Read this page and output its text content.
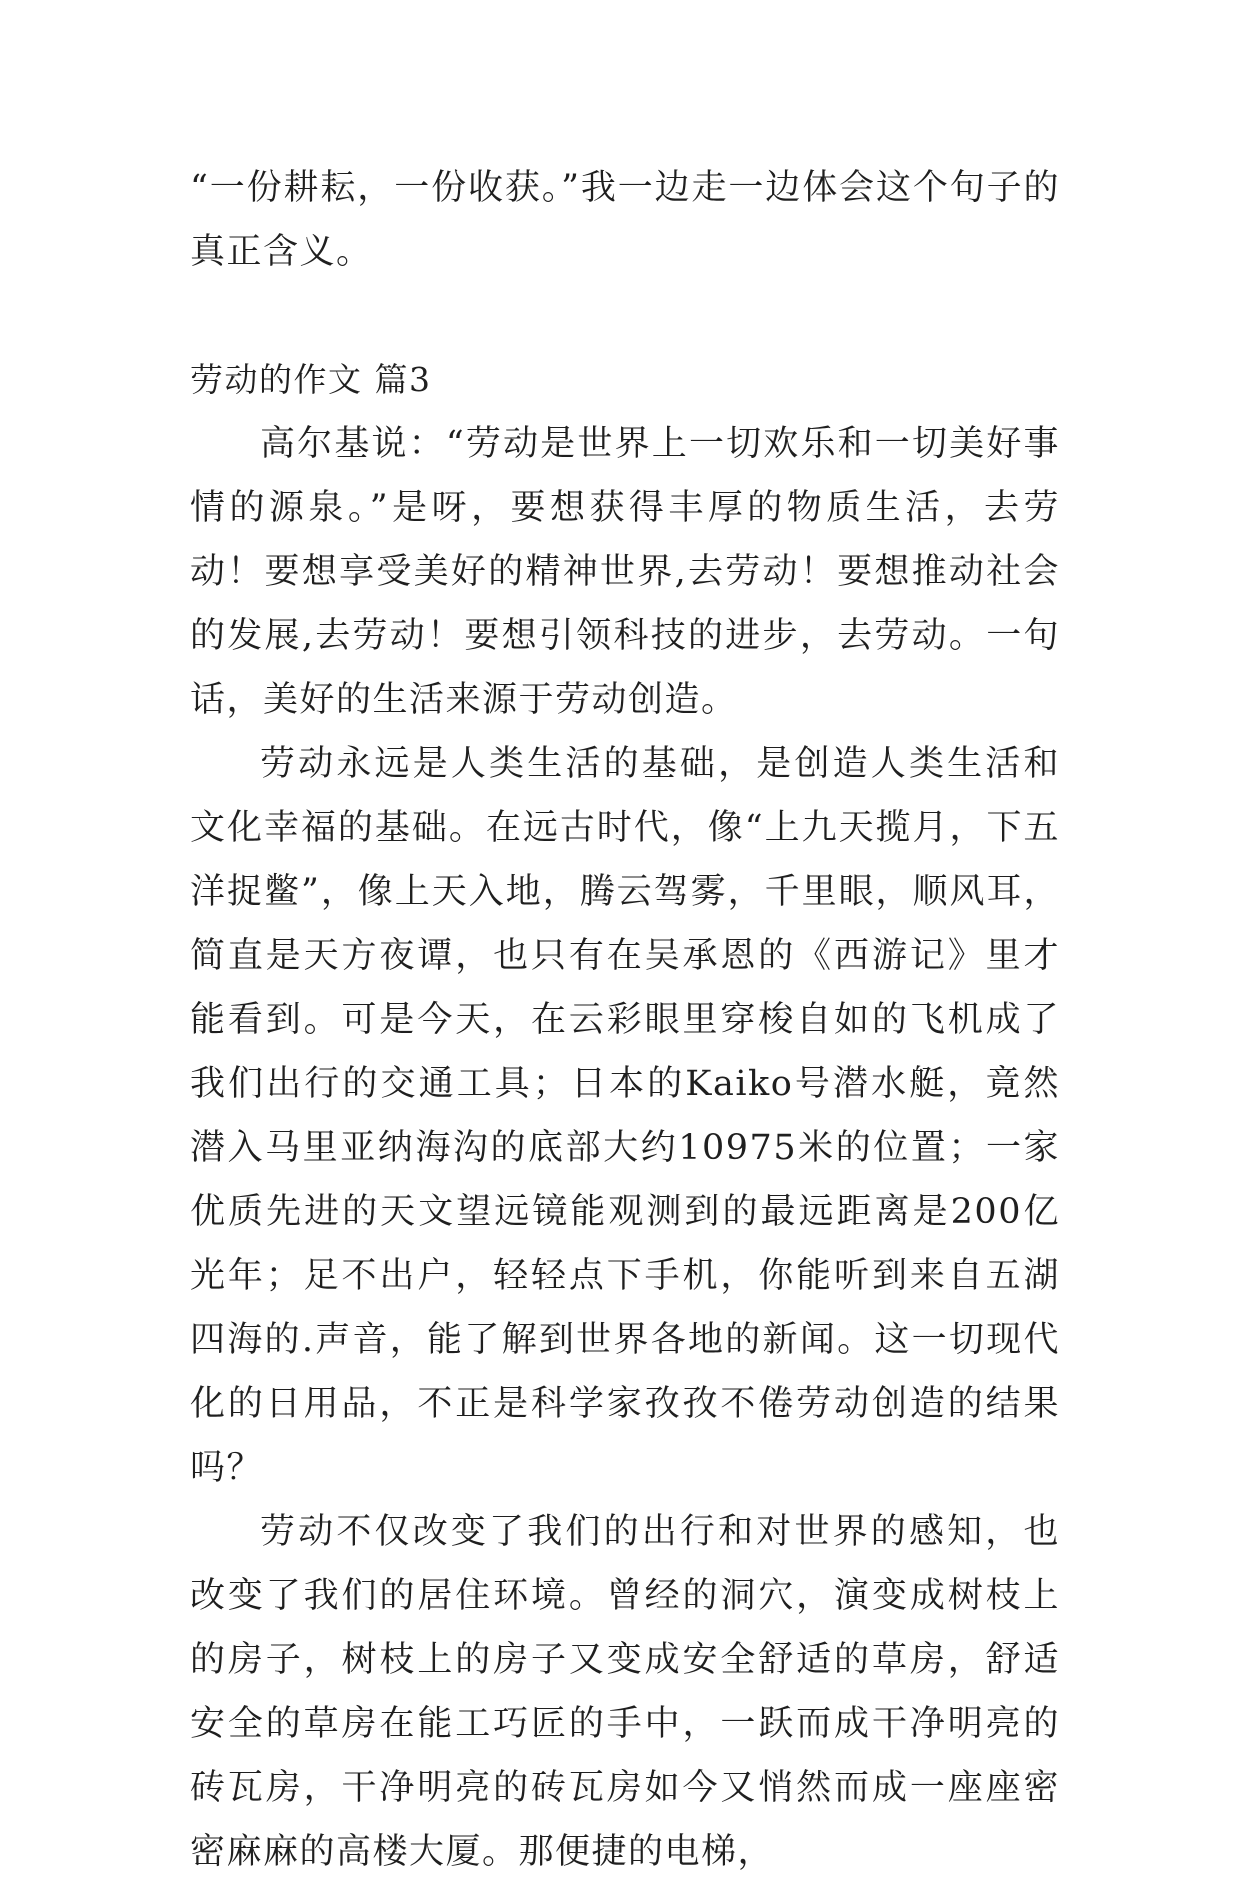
“一份耕耘，一份收获。”我一边走一边体会这个句子的真正含义。

劳动的作文 篇3

高尔基说：“劳动是世界上一切欢乐和一切美好事情的源泉。”是呀，要想获得丰厚的物质生活，去劳动！要想享受美好的精神世界,去劳动！要想推动社会的发展,去劳动！要想引领科技的进步，去劳动。一句话，美好的生活来源于劳动创造。

劳动永远是人类生活的基础，是创造人类生活和文化幸福的基础。在远古时代，像“上九天揽月，下五洋捉鳖”，像上天入地，腾云驾雾，千里眼，顺风耳，简直是天方夜谭，也只有在吴承恩的《西游记》里才能看到。可是今天，在云彩眼里穿梭自如的飞机成了我们出行的交通工具；日本的Kaiko号潜水艇，竟然潜入马里亚纳海沟的底部大约10975米的位置；一家优质先进的天文望远镜能观测到的最远距离是200亿光年；足不出户，轻轻点下手机，你能听到来自五湖四海的.声音，能了解到世界各地的新闻。这一切现代化的日用品，不正是科学家孜孜不倦劳动创造的结果吗？

劳动不仅改变了我们的出行和对世界的感知，也改变了我们的居住环境。曾经的洞穴，演变成树枝上的房子，树枝上的房子又变成安全舒适的草房，舒适安全的草房在能工巧匠的手中，一跃而成干净明亮的砖瓦房，干净明亮的砖瓦房如今又悄然而成一座座密密麻麻的高楼大厦。那便捷的电梯，
